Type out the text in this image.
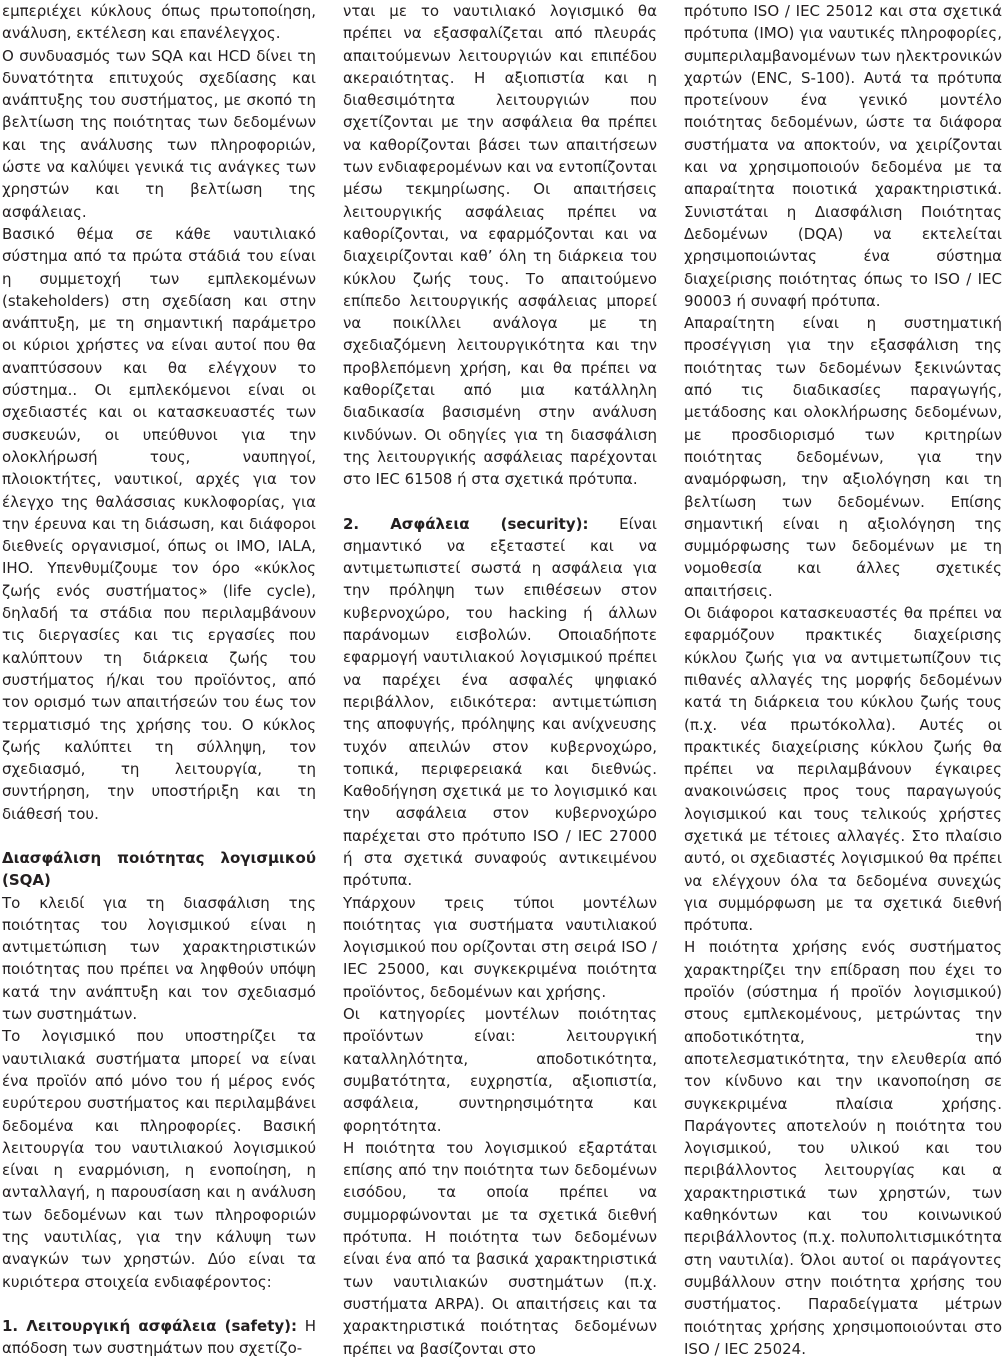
εμπεριέχει κύκλους όπως πρωτοποίηση, ανάλυση, εκτέλεση και επανέλεγχος.

Ο συνδυασμός των SQA και HCD δίνει τη δυνατότητα επιτυχούς σχεδίασης και ανάπτυξης του συστήματος, με σκοπό τη βελτίωση της ποιότητας των δεδομένων και της ανάλυσης των πληροφοριών, ώστε να καλύψει γενικά τις ανάγκες των χρηστών και τη βελτίωση της ασφάλειας.

Βασικό θέμα σε κάθε ναυτιλιακό σύστημα από τα πρώτα στάδιά του είναι η συμμετοχή των εμπλεκομένων (stakeholders) στη σχεδίαση και στην ανάπτυξη, με τη σημαντική παράμετρο οι κύριοι χρήστες να είναι αυτοί που θα αναπτύσσουν και θα ελέγχουν το σύστημα.. Οι εμπλεκόμενοι είναι οι σχεδιαστές και οι κατασκευαστές των συσκευών, οι υπεύθυνοι για την ολοκλήρωσή τους, ναυπηγοί, πλοιοκτήτες, ναυτικοί, αρχές για τον έλεγχο της θαλάσσιας κυκλοφορίας, για την έρευνα και τη διάσωση, και διάφοροι διεθνείς οργανισμοί, όπως οι IMO, IALA, IHO. Υπενθυμίζουμε τον όρο «κύκλος ζωής ενός συστήματος» (life cycle), δηλαδή τα στάδια που περιλαμβάνουν τις διεργασίες και τις εργασίες που καλύπτουν τη διάρκεια ζωής του συστήματος ή/και του προϊόντος, από τον ορισμό των απαιτήσεών του έως τον τερματισμό της χρήσης του. Ο κύκλος ζωής καλύπτει τη σύλληψη, τον σχεδιασμό, τη λειτουργία, τη συντήρηση, την υποστήριξη και τη διάθεσή του.

Διασφάλιση ποιότητας λογισμικού (SQA)

Το κλειδί για τη διασφάλιση της ποιότητας του λογισμικού είναι η αντιμετώπιση των χαρακτηριστικών ποιότητας που πρέπει να ληφθούν υπόψη κατά την ανάπτυξη και τον σχεδιασμό των συστημάτων.

Το λογισμικό που υποστηρίζει τα ναυτιλιακά συστήματα μπορεί να είναι ένα προϊόν από μόνο του ή μέρος ενός ευρύτερου συστήματος και περιλαμβάνει δεδομένα και πληροφορίες. Βασική λειτουργία του ναυτιλιακού λογισμικού είναι η εναρμόνιση, η ενοποίηση, η ανταλλαγή, η παρουσίαση και η ανάλυση των δεδομένων και των πληροφοριών της ναυτιλίας, για την κάλυψη των αναγκών των χρηστών. Δύο είναι τα κυριότερα στοιχεία ενδιαφέροντος:

1. Λειτουργική ασφάλεια (safety): Η απόδοση των συστημάτων που σχετίζο-

νται με το ναυτιλιακό λογισμικό θα πρέπει να εξασφαλίζεται από πλευράς απαιτούμενων λειτουργιών και επιπέδου ακεραιότητας. Η αξιοπιστία και η διαθεσιμότητα λειτουργιών που σχετίζονται με την ασφάλεια θα πρέπει να καθορίζονται βάσει των απαιτήσεων των ενδιαφερομένων και να εντοπίζονται μέσω τεκμηρίωσης. Οι απαιτήσεις λειτουργικής ασφάλειας πρέπει να καθορίζονται, να εφαρμόζονται και να διαχειρίζονται καθ’ όλη τη διάρκεια του κύκλου ζωής τους. Το απαιτούμενο επίπεδο λειτουργικής ασφάλειας μπορεί να ποικίλλει ανάλογα με τη σχεδιαζόμενη λειτουργικότητα και την προβλεπόμενη χρήση, και θα πρέπει να καθορίζεται από μια κατάλληλη διαδικασία βασισμένη στην ανάλυση κινδύνων. Οι οδηγίες για τη διασφάλιση της λειτουργικής ασφάλειας παρέχονται στο IEC 61508 ή στα σχετικά πρότυπα.

2. Ασφάλεια (security): Είναι σημαντικό να εξεταστεί και να αντιμετωπιστεί σωστά η ασφάλεια για την πρόληψη των επιθέσεων στον κυβερνοχώρο, του hacking ή άλλων παράνομων εισβολών. Οποιαδήποτε εφαρμογή ναυτιλιακού λογισμικού πρέπει να παρέχει ένα ασφαλές ψηφιακό περιβάλλον, ειδικότερα: αντιμετώπιση της αποφυγής, πρόληψης και ανίχνευσης τυχόν απειλών στον κυβερνοχώρο, τοπικά, περιφερειακά και διεθνώς. Καθοδήγηση σχετικά με το λογισμικό και την ασφάλεια στον κυβερνοχώρο παρέχεται στο πρότυπο ISO / IEC 27000 ή στα σχετικά συναφούς αντικειμένου πρότυπα.

Υπάρχουν τρεις τύποι μοντέλων ποιότητας για συστήματα ναυτιλιακού λογισμικού που ορίζονται στη σειρά ISO / IEC 25000, και συγκεκριμένα ποιότητα προϊόντος, δεδομένων και χρήσης.

Οι κατηγορίες μοντέλων ποιότητας προϊόντων είναι: λειτουργική καταλληλότητα, αποδοτικότητα, συμβατότητα, ευχρηστία, αξιοπιστία, ασφάλεια, συντηρησιμότητα και φορητότητα.

Η ποιότητα του λογισμικού εξαρτάται επίσης από την ποιότητα των δεδομένων εισόδου, τα οποία πρέπει να συμμορφώνονται με τα σχετικά διεθνή πρότυπα. Η ποιότητα των δεδομένων είναι ένα από τα βασικά χαρακτηριστικά των ναυτιλιακών συστημάτων (π.χ. συστήματα ARPA). Οι απαιτήσεις και τα χαρακτηριστικά ποιότητας δεδομένων πρέπει να βασίζονται στο

πρότυπο ISO / IEC 25012 και στα σχετικά πρότυπα (IMO) για ναυτικές πληροφορίες, συμπεριλαμβανομένων των ηλεκτρονικών χαρτών (ENC, S-100). Αυτά τα πρότυπα προτείνουν ένα γενικό μοντέλο ποιότητας δεδομένων, ώστε τα διάφορα συστήματα να αποκτούν, να χειρίζονται και να χρησιμοποιούν δεδομένα με τα απαραίτητα ποιοτικά χαρακτηριστικά. Συνιστάται η Διασφάλιση Ποιότητας Δεδομένων (DQA) να εκτελείται χρησιμοποιώντας ένα σύστημα διαχείρισης ποιότητας όπως το ISO / IEC 90003 ή συναφή πρότυπα.

Απαραίτητη είναι η συστηματική προσέγγιση για την εξασφάλιση της ποιότητας των δεδομένων ξεκινώντας από τις διαδικασίες παραγωγής, μετάδοσης και ολοκλήρωσης δεδομένων, με προσδιορισμό των κριτηρίων ποιότητας δεδομένων, για την αναμόρφωση, την αξιολόγηση και τη βελτίωση των δεδομένων. Επίσης σημαντική είναι η αξιολόγηση της συμμόρφωσης των δεδομένων με τη νομοθεσία και άλλες σχετικές απαιτήσεις.

Οι διάφοροι κατασκευαστές θα πρέπει να εφαρμόζουν πρακτικές διαχείρισης κύκλου ζωής για να αντιμετωπίζουν τις πιθανές αλλαγές της μορφής δεδομένων κατά τη διάρκεια του κύκλου ζωής τους (π.χ. νέα πρωτόκολλα). Αυτές οι πρακτικές διαχείρισης κύκλου ζωής θα πρέπει να περιλαμβάνουν έγκαιρες ανακοινώσεις προς τους παραγωγούς λογισμικού και τους τελικούς χρήστες σχετικά με τέτοιες αλλαγές. Στο πλαίσιο αυτό, οι σχεδιαστές λογισμικού θα πρέπει να ελέγχουν όλα τα δεδομένα συνεχώς για συμμόρφωση με τα σχετικά διεθνή πρότυπα.

Η ποιότητα χρήσης ενός συστήματος χαρακτηρίζει την επίδραση που έχει το προϊόν (σύστημα ή προϊόν λογισμικού) στους εμπλεκομένους, μετρώντας την αποδοτικότητα, την αποτελεσματικότητα, την ελευθερία από τον κίνδυνο και την ικανοποίηση σε συγκεκριμένα πλαίσια χρήσης. Παράγοντες αποτελούν η ποιότητα του λογισμικού, του υλικού και του περιβάλλοντος λειτουργίας και α χαρακτηριστικά των χρηστών, των καθηκόντων και του κοινωνικού περιβάλλοντος (π.χ. πολυπολιτισμικότητα στη ναυτιλία). Όλοι αυτοί οι παράγοντες συμβάλλουν στην ποιότητα χρήσης του συστήματος. Παραδείγματα μέτρων ποιότητας χρήσης χρησιμοποιούνται στο ISO / IEC 25024.
